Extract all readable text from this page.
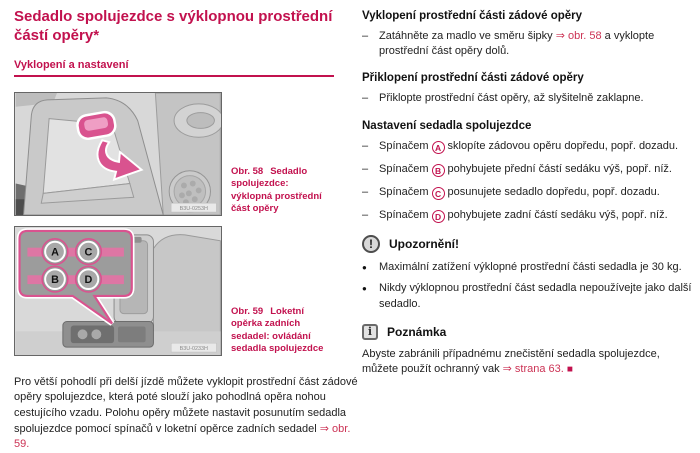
Sedadlo spolujezdce s výklopnou prostřední částí opěry*
Vyklopení a nastavení
B3U-0253H
Obr. 58 Sedadlo spolujezdce: výklopná prostřední část opěry
A C
B D
B3U-0233H
Obr. 59 Loketní opěrka zadních sedadel: ovládání sedadla spolujezdce

Pro větší pohodlí při delší jízdě můžete vyklopit prostřední část zádové opěry spolujezdce, která poté slouží jako pohodlná opěra nohou cestujícího vzadu. Polohu opěry můžete nastavit posunutím sedadla spolujezdce pomocí spínačů v loketní opěrce zadních sedadel ⇒ obr. 59.

Vyklopení prostřední části zádové opěry
– Zatáhněte za madlo ve směru šipky ⇒ obr. 58 a vyklopte prostřední část opěry dolů.
Přiklopení prostřední části zádové opěry
– Přiklopte prostřední část opěry, až slyšitelně zaklapne.
Nastavení sedadla spolujezdce
– Spínačem A sklopíte zádovou opěru dopředu, popř. dozadu.
– Spínačem B pohybujete přední částí sedáku výš, popř. níž.
– Spínačem C posunujete sedadlo dopředu, popř. dozadu.
– Spínačem D pohybujete zadní částí sedáku výš, popř. níž.
!	Upozornění!
●	Maximální zatížení výklopné prostřední části sedadla je 30 kg.
●	Nikdy výklopnou prostřední část sedadla nepoužívejte jako další sedadlo.
i	Poznámka

Abyste zabránili případnému znečistění sedadla spolujezdce, můžete použít ochranný vak ⇒ strana 63. ■
